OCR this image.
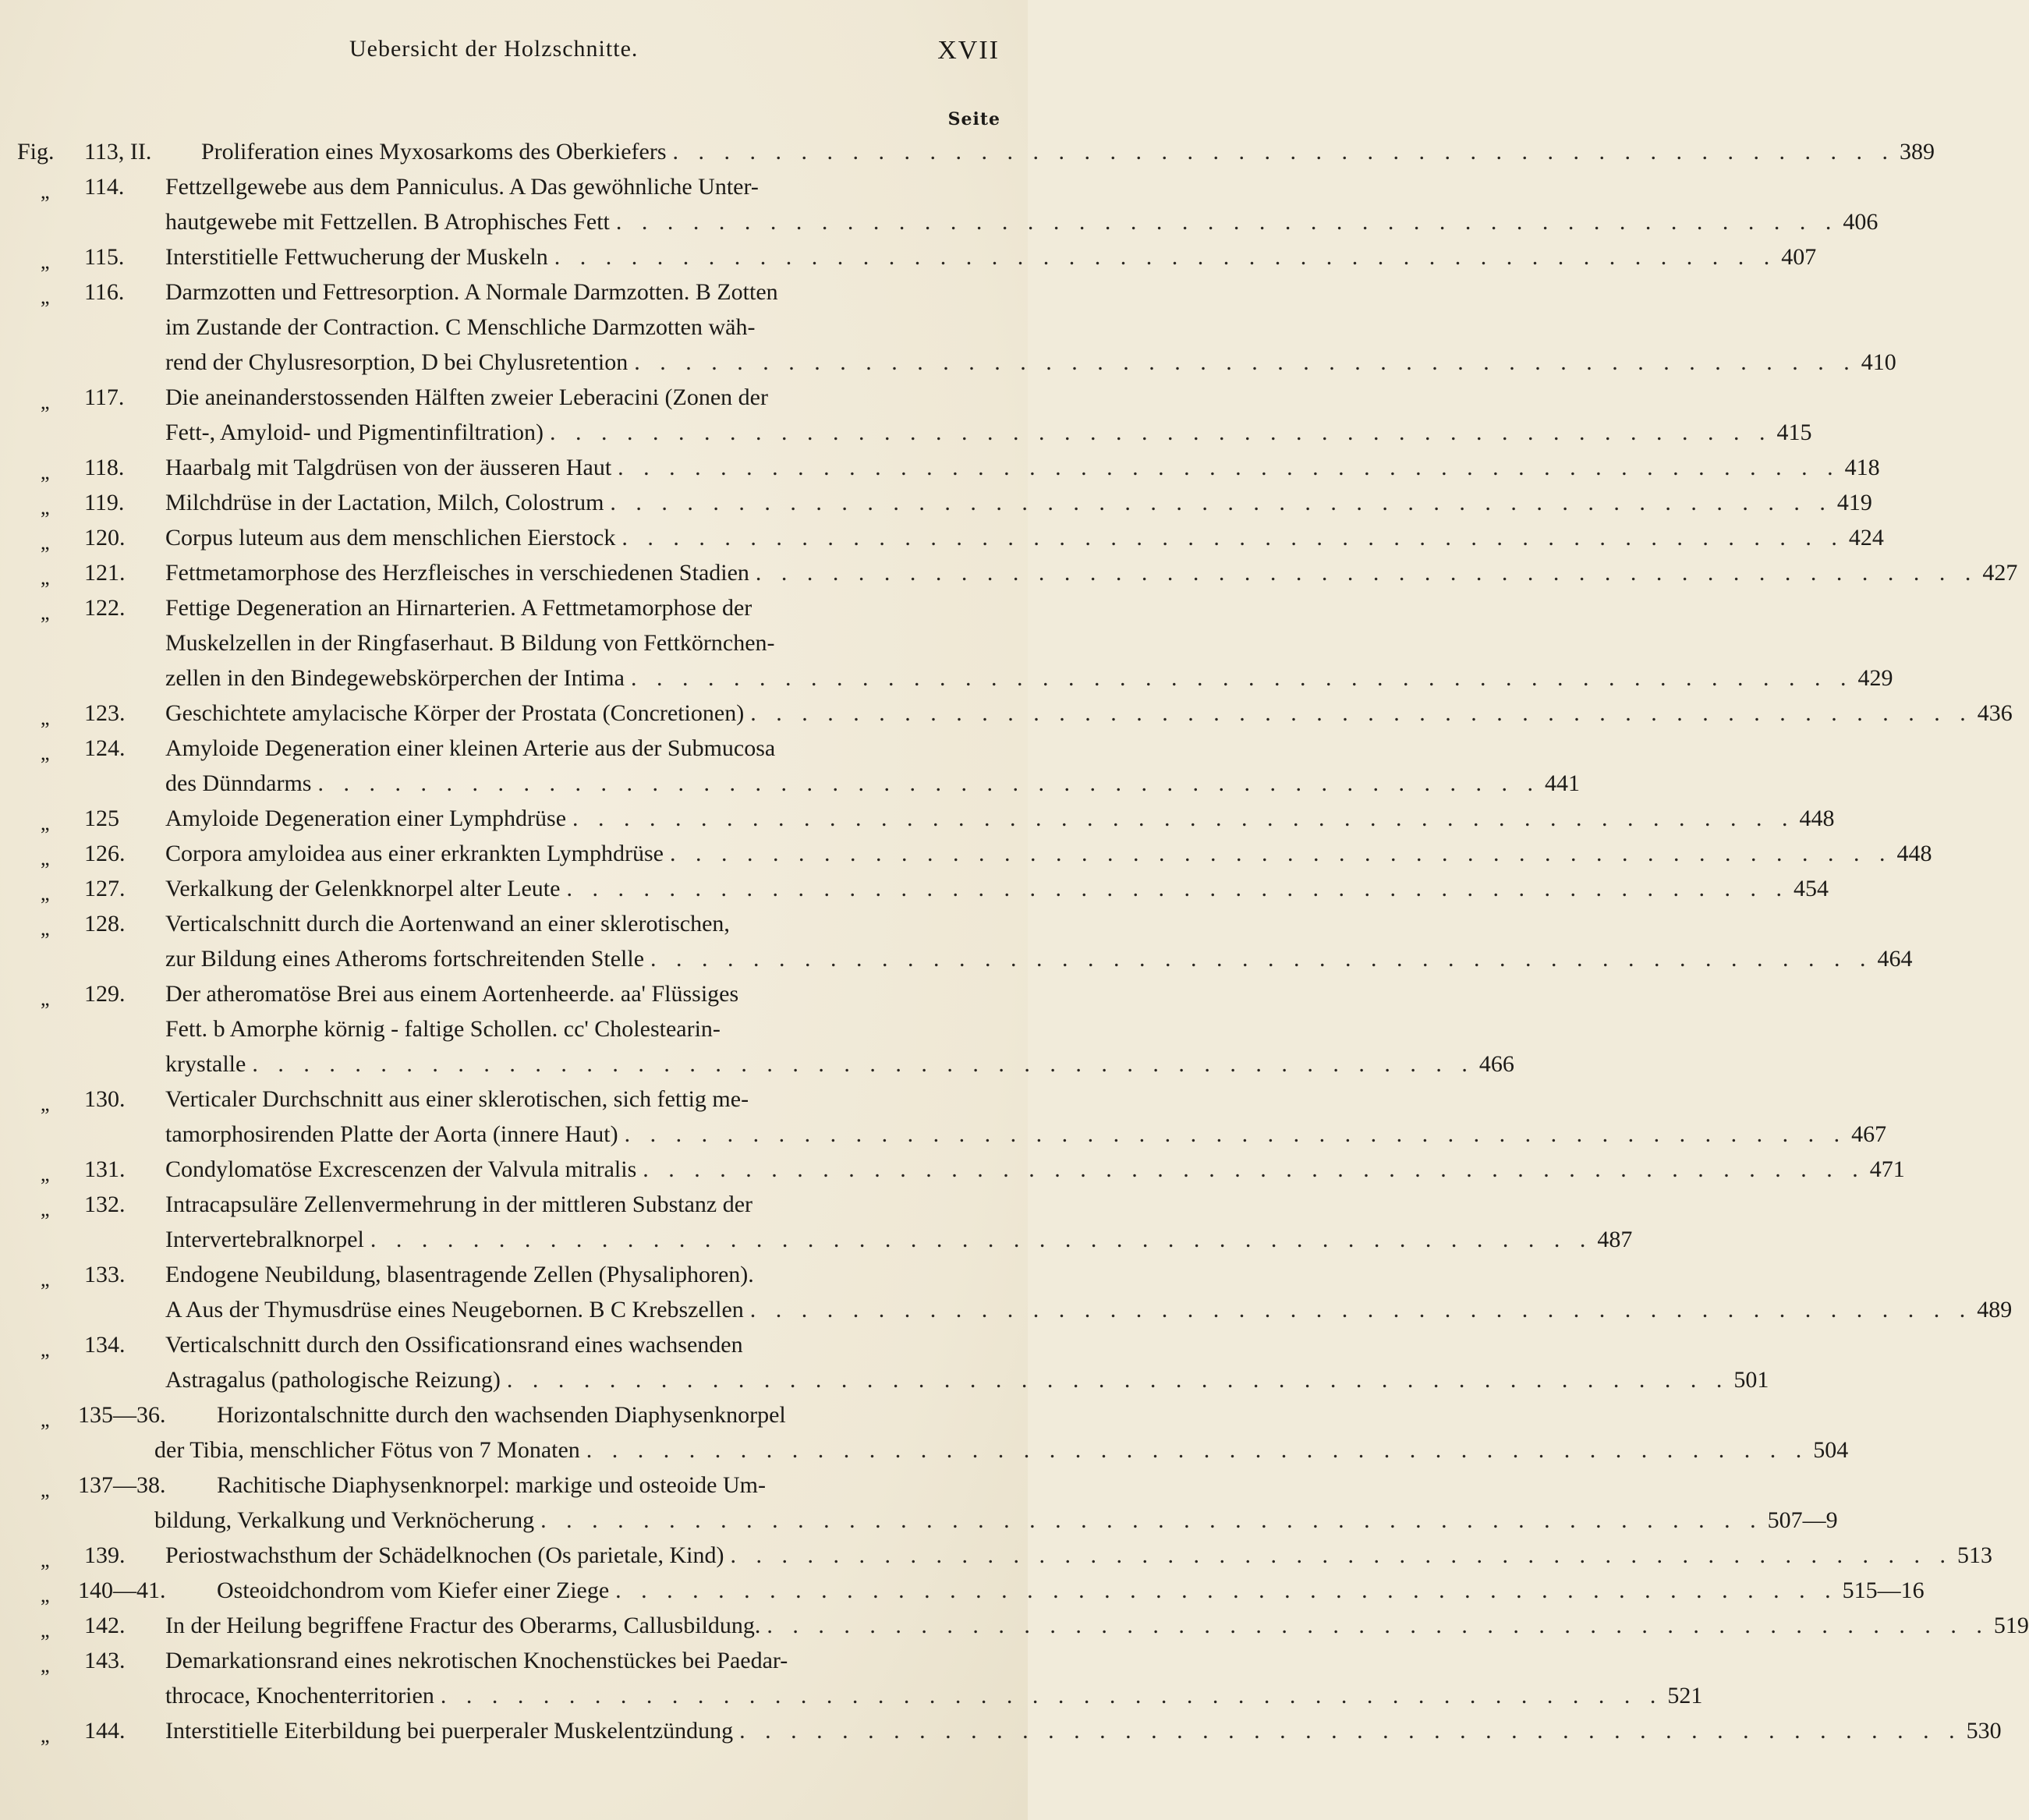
Uebersicht der Holzschnitte.	XVII
Seite
Fig. 113, II. Proliferation eines Myxosarkoms des Oberkiefers . . . . . . . . . . . . . . . . . . . . . . . . . . . . . . . . . . . . . . . . . . . . . . . . 389
„ 114. Fettzellgewebe aus dem Panniculus. A Das gewöhnliche Unter-
hautgewebe mit Fettzellen. B Atrophisches Fett . . . . . . . . . . . . . . . . . . . . . . . . . . . . . . . . . . . . . . . . . . . . . . . . 406
„ 115. Interstitielle Fettwucherung der Muskeln . . . . . . . . . . . . . . . . . . . . . . . . . . . . . . . . . . . . . . . . . . . . . . . . 407
„ 116. Darmzotten und Fettresorption. A Normale Darmzotten. B Zotten
im Zustande der Contraction. C Menschliche Darmzotten wäh-
rend der Chylusresorption, D bei Chylusretention . . . . . . . . . . . . . . . . . . . . . . . . . . . . . . . . . . . . . . . . . . . . . . . . 410
„ 117. Die aneinanderstossenden Hälften zweier Leberacini (Zonen der
Fett-, Amyloid- und Pigmentinfiltration) . . . . . . . . . . . . . . . . . . . . . . . . . . . . . . . . . . . . . . . . . . . . . . . . 415
„ 118. Haarbalg mit Talgdrüsen von der äusseren Haut . . . . . . . . . . . . . . . . . . . . . . . . . . . . . . . . . . . . . . . . . . . . . . . . 418
„ 119. Milchdrüse in der Lactation, Milch, Colostrum . . . . . . . . . . . . . . . . . . . . . . . . . . . . . . . . . . . . . . . . . . . . . . . . 419
„ 120. Corpus luteum aus dem menschlichen Eierstock . . . . . . . . . . . . . . . . . . . . . . . . . . . . . . . . . . . . . . . . . . . . . . . . 424
„ 121. Fettmetamorphose des Herzfleisches in verschiedenen Stadien . . . . . . . . . . . . . . . . . . . . . . . . . . . . . . . . . . . . . . . . . . . . . . . . 427
„ 122. Fettige Degeneration an Hirnarterien. A Fettmetamorphose der
Muskelzellen in der Ringfaserhaut. B Bildung von Fettkörnchen-
zellen in den Bindegewebskörperchen der Intima . . . . . . . . . . . . . . . . . . . . . . . . . . . . . . . . . . . . . . . . . . . . . . . . 429
„ 123. Geschichtete amylacische Körper der Prostata (Concretionen) . . . . . . . . . . . . . . . . . . . . . . . . . . . . . . . . . . . . . . . . . . . . . . . . 436
„ 124. Amyloide Degeneration einer kleinen Arterie aus der Submucosa
des Dünndarms . . . . . . . . . . . . . . . . . . . . . . . . . . . . . . . . . . . . . . . . . . . . . . . . 441
„ 125 Amyloide Degeneration einer Lymphdrüse . . . . . . . . . . . . . . . . . . . . . . . . . . . . . . . . . . . . . . . . . . . . . . . . 448
„ 126. Corpora amyloidea aus einer erkrankten Lymphdrüse . . . . . . . . . . . . . . . . . . . . . . . . . . . . . . . . . . . . . . . . . . . . . . . . 448
„ 127. Verkalkung der Gelenkknorpel alter Leute . . . . . . . . . . . . . . . . . . . . . . . . . . . . . . . . . . . . . . . . . . . . . . . . 454
„ 128. Verticalschnitt durch die Aortenwand an einer sklerotischen,
zur Bildung eines Atheroms fortschreitenden Stelle . . . . . . . . . . . . . . . . . . . . . . . . . . . . . . . . . . . . . . . . . . . . . . . . 464
„ 129. Der atheromatöse Brei aus einem Aortenheerde. aa' Flüssiges
Fett. b Amorphe körnig - faltige Schollen. cc' Cholestearin-
krystalle . . . . . . . . . . . . . . . . . . . . . . . . . . . . . . . . . . . . . . . . . . . . . . . . 466
„ 130. Verticaler Durchschnitt aus einer sklerotischen, sich fettig me-
tamorphosirenden Platte der Aorta (innere Haut) . . . . . . . . . . . . . . . . . . . . . . . . . . . . . . . . . . . . . . . . . . . . . . . . 467
„ 131. Condylomatöse Excrescenzen der Valvula mitralis . . . . . . . . . . . . . . . . . . . . . . . . . . . . . . . . . . . . . . . . . . . . . . . . 471
„ 132. Intracapsuläre Zellenvermehrung in der mittleren Substanz der
Intervertebralknorpel . . . . . . . . . . . . . . . . . . . . . . . . . . . . . . . . . . . . . . . . . . . . . . . . 487
„ 133. Endogene Neubildung, blasentragende Zellen (Physaliphoren).
A Aus der Thymusdrüse eines Neugebornen. B C Krebszellen . . . . . . . . . . . . . . . . . . . . . . . . . . . . . . . . . . . . . . . . . . . . . . . . 489
„ 134. Verticalschnitt durch den Ossificationsrand eines wachsenden
Astragalus (pathologische Reizung) . . . . . . . . . . . . . . . . . . . . . . . . . . . . . . . . . . . . . . . . . . . . . . . . 501
„ 135—36. Horizontalschnitte durch den wachsenden Diaphysenknorpel
der Tibia, menschlicher Fötus von 7 Monaten . . . . . . . . . . . . . . . . . . . . . . . . . . . . . . . . . . . . . . . . . . . . . . . . 504
„ 137—38. Rachitische Diaphysenknorpel: markige und osteoide Um-
bildung, Verkalkung und Verknöcherung . . . . . . . . . . . . . . . . . . . . . . . . . . . . . . . . . . . . . . . . . . . . . . . . 507—9
„ 139. Periostwachsthum der Schädelknochen (Os parietale, Kind) . . . . . . . . . . . . . . . . . . . . . . . . . . . . . . . . . . . . . . . . . . . . . . . . 513
„ 140—41. Osteoidchondrom vom Kiefer einer Ziege . . . . . . . . . . . . . . . . . . . . . . . . . . . . . . . . . . . . . . . . . . . . . . . . 515—16
„ 142. In der Heilung begriffene Fractur des Oberarms, Callusbildung. . . . . . . . . . . . . . . . . . . . . . . . . . . . . . . . . . . . . . . . . . . . . . . . . 519
„ 143. Demarkationsrand eines nekrotischen Knochenstückes bei Paedar-
throcace, Knochenterritorien . . . . . . . . . . . . . . . . . . . . . . . . . . . . . . . . . . . . . . . . . . . . . . . . 521
„ 144. Interstitielle Eiterbildung bei puerperaler Muskelentzündung . . . . . . . . . . . . . . . . . . . . . . . . . . . . . . . . . . . . . . . . . . . . . . . . 530
